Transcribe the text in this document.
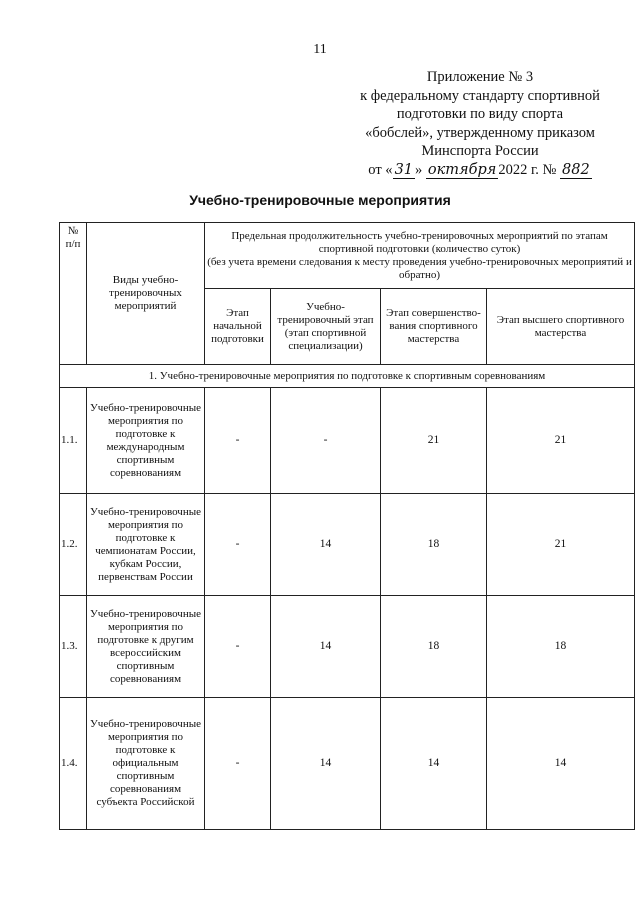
11
Приложение № 3
к федеральному стандарту спортивной
подготовки по виду спорта
«бобслей», утвержденному приказом
Минспорта России
от « 31 » октября 2022 г. № 882
Учебно-тренировочные мероприятия
№ п/п	Виды учебно-тренировочных мероприятий	Предельная продолжительность учебно-тренировочных мероприятий по этапам спортивной подготовки (количество суток)
(без учета времени следования к месту проведения учебно-тренировочных мероприятий и обратно)			
		Этап начальной подготовки	Учебно-тренировочный этап (этап спортивной специализации)	Этап совершенство-вания спортивного мастерства	Этап высшего спортивного мастерства
1. Учебно-тренировочные мероприятия по подготовке к спортивным соревнованиям					
1.1.	Учебно-тренировочные мероприятия по подготовке к международным спортивным соревнованиям	-	-	21	21
1.2.	Учебно-тренировочные мероприятия по подготовке к чемпионатам России, кубкам России, первенствам России	-	14	18	21
1.3.	Учебно-тренировочные мероприятия по подготовке к другим всероссийским спортивным соревнованиям	-	14	18	18
1.4.	Учебно-тренировочные мероприятия по подготовке к официальным спортивным соревнованиям субъекта Российской	-	14	14	14
